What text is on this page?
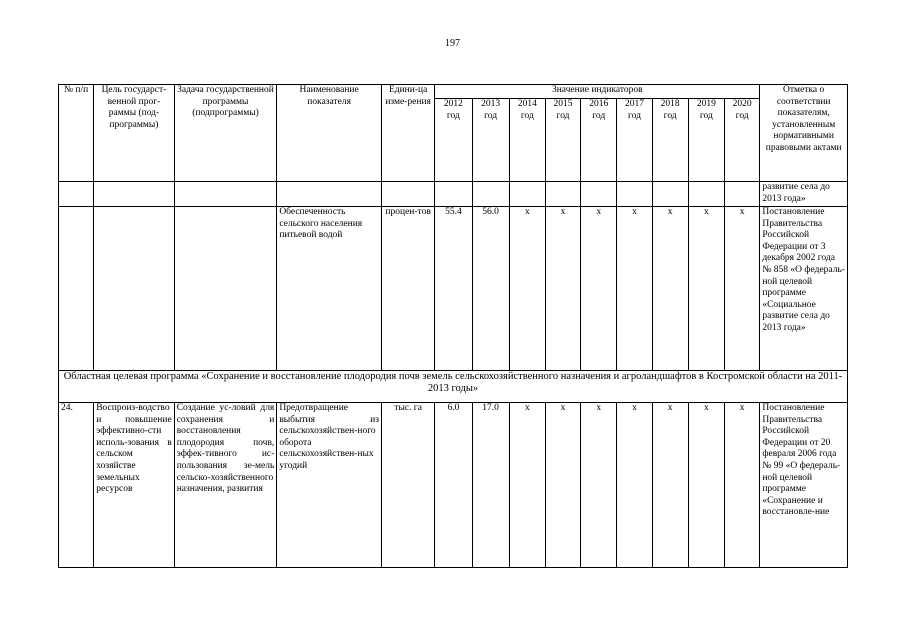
197
№ п/п	Цель государст-венной прог-раммы (под-программы)	Задача государственной программы (подпрограммы)	Наименование показателя	Едини-ца изме-рения	Значение индикаторов									Отметка о соответствии показателям, установленным нормативными правовыми актами
					2012 год	2013 год	2014 год	2015 год	2016 год	2017 год	2018 год	2019 год	2020 год	
														развитие села до 2013 года»
			Обеспеченность сельского населения питьевой водой	процен-тов	55.4	56.0	x	x	x	x	x	x	x	Постановление Правительства Российской Федерации от 3 декабря 2002 года № 858 «О федераль-ной целевой программе «Социальное развитие села до 2013 года»
Областная целевая программа «Сохранение и восстановление плодородия почв земель сельскохозяйственного назначения и агроландшафтов в Костромской области на 2011-2013 годы»														
24.	Воспроиз-водство и повышение эффективно-сти исполь-зования в сельском хозяйстве земельных ресурсов	Создание ус-ловий для сохранения и восстановления плодородия почв, эффек-тивного ис-пользования зе-мель сельско-хозяйственного назначения, развития	Предотвращение выбытия из сельскохозяйствен-ного оборота сельскохозяйствен-ных угодий	тыс. га	6.0	17.0	x	x	x	x	x	x	x	Постановление Правительства Российской Федерации от 20 февраля 2006 года № 99 «О федераль-ной целевой программе «Сохранение и восстановле-ние
